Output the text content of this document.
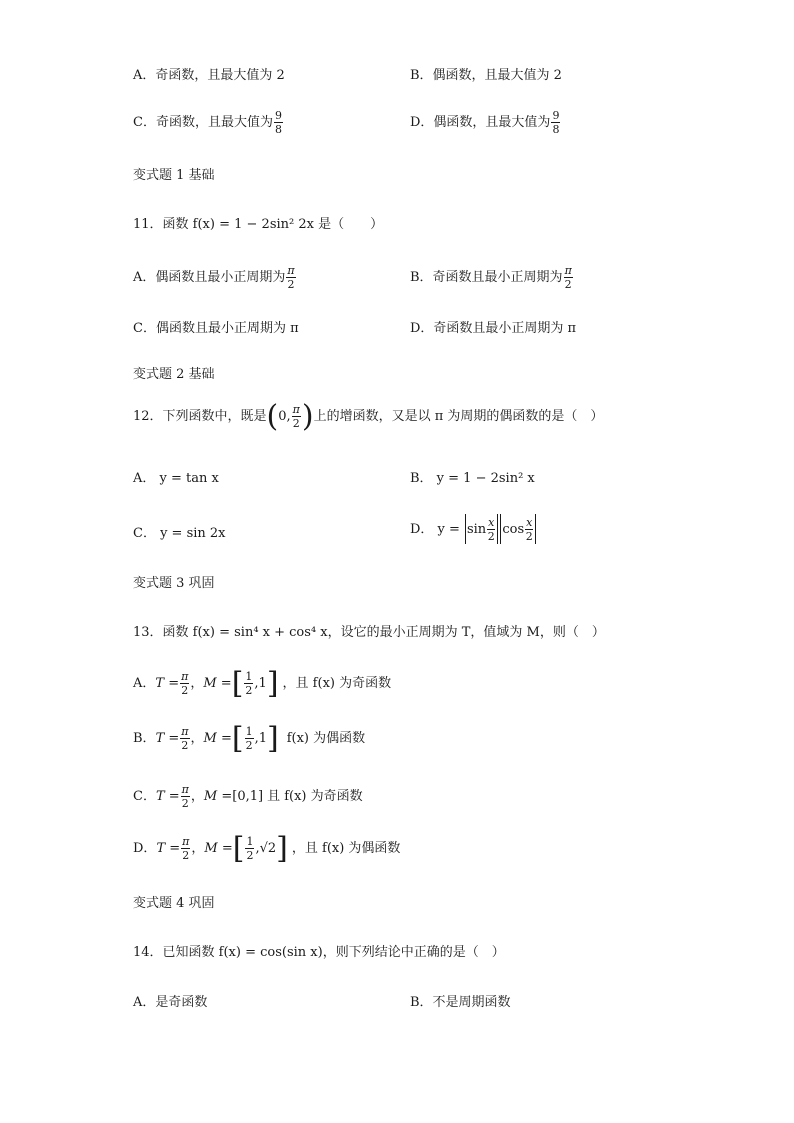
A．奇函数，且最大值为 2	B．偶函数，且最大值为 2
C．奇函数，且最大值为 $\frac{9}{8}$	D．偶函数，且最大值为 $\frac{9}{8}$
变式题 1 基础
11．函数 f(x) = 1 − 2sin² 2x 是（　　）
A．偶函数且最小正周期为 $\frac{\pi}{2}$	B．奇函数且最小正周期为 $\frac{\pi}{2}$
C．偶函数且最小正周期为 π	D．奇函数且最小正周期为 π
变式题 2 基础
12．下列函数中，既是 ( 0, $\frac{\pi}{2}$ ) 上的增函数，又是以 π 为周期的偶函数的是（　）
A． y = tan x	B． y = 1 − 2sin² x
C． y = sin 2x	D． $y = \sin \frac{x}{2}$ $\cos \frac{x}{2}$
变式题 3 巩固
13．函数 f(x) = sin⁴ x + cos⁴ x，设它的最小正周期为 T，值域为 M，则（　）
A． $T = \frac{\pi}{2}$ ， M = [ $\frac{1}{2}$ , 1 ] ，且 f(x) 为奇函数
B． $T = \frac{\pi}{2}$ ， M = [ $\frac{1}{2}$ , 1 ] f(x) 为偶函数
C． $T = \frac{\pi}{2}$ ， M = [0,1] 且 f(x) 为奇函数
D． $T = \frac{\pi}{2}$ ， M = [ $\frac{1}{2}$ , √2 ] ，且 f(x) 为偶函数
变式题 4 巩固
14．已知函数 f(x) = cos(sin x)，则下列结论中正确的是（　）
A．是奇函数	B．不是周期函数
